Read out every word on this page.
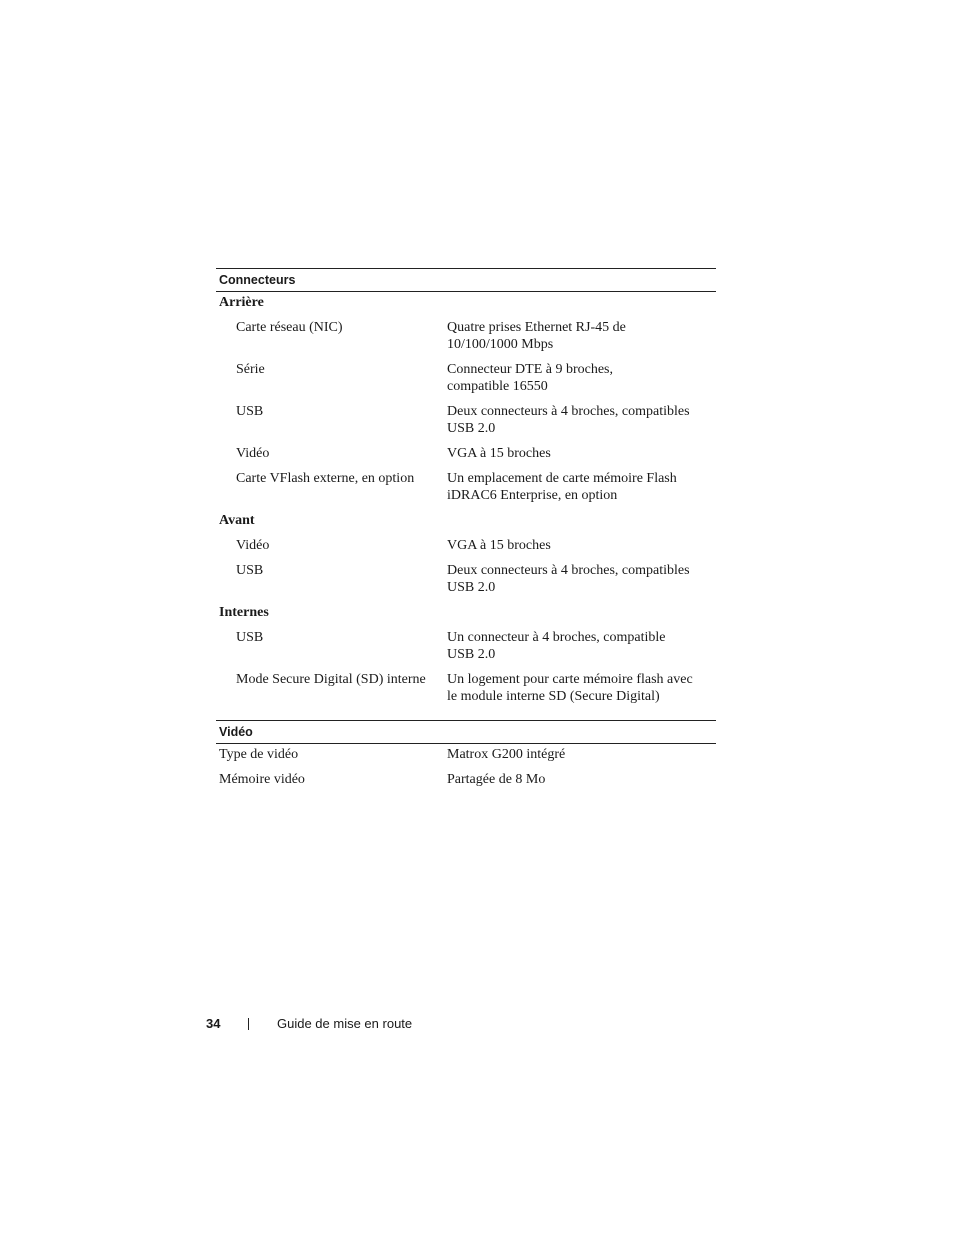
Connecteurs
Arrière
Carte réseau (NIC)	Quatre prises Ethernet RJ-45 de
10/100/1000 Mbps
Série	Connecteur DTE à 9 broches,
compatible 16550
USB	Deux connecteurs à 4 broches, compatibles
USB 2.0
Vidéo	VGA à 15 broches
Carte VFlash externe, en option	Un emplacement de carte mémoire Flash
iDRAC6 Enterprise, en option
Avant
Vidéo	VGA à 15 broches
USB	Deux connecteurs à 4 broches, compatibles
USB 2.0
Internes
USB	Un connecteur à 4 broches, compatible
USB 2.0
Mode Secure Digital (SD) interne	Un logement pour carte mémoire flash avec
le module interne SD (Secure Digital)
Vidéo
Type de vidéo	Matrox G200 intégré
Mémoire vidéo	Partagée de 8 Mo
34	Guide de mise en route
